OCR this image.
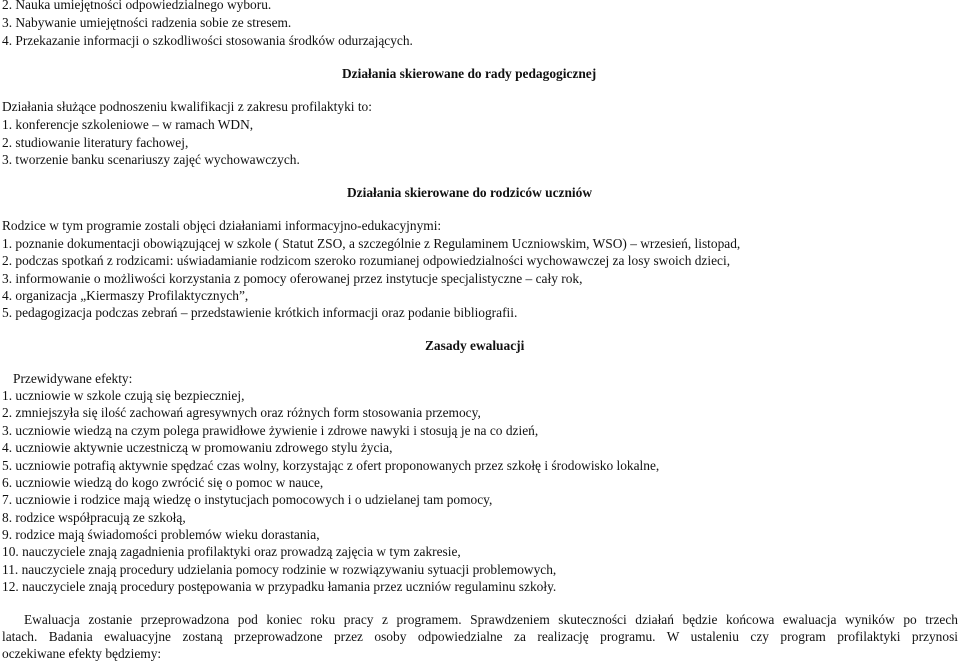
2. Nauka umiejętności odpowiedzialnego wyboru.
3. Nabywanie umiejętności radzenia sobie ze stresem.
4. Przekazanie informacji o szkodliwości stosowania środków odurzających.
Działania skierowane do rady pedagogicznej
Działania służące podnoszeniu kwalifikacji z zakresu profilaktyki to:
1. konferencje szkoleniowe – w ramach WDN,
2. studiowanie literatury fachowej,
3. tworzenie banku scenariuszy zajęć wychowawczych.
Działania skierowane do rodziców uczniów
Rodzice w tym programie zostali objęci działaniami informacyjno-edukacyjnymi:
1. poznanie dokumentacji obowiązującej w szkole ( Statut ZSO, a szczególnie z Regulaminem Uczniowskim, WSO) – wrzesień, listopad,
2. podczas spotkań z rodzicami: uświadamianie rodzicom szeroko rozumianej odpowiedzialności wychowawczej za losy swoich dzieci,
3. informowanie o możliwości korzystania z pomocy oferowanej przez instytucje specjalistyczne – cały rok,
4. organizacja „Kiermaszy Profilaktycznych”,
5. pedagogizacja podczas zebrań – przedstawienie krótkich informacji oraz podanie bibliografii.
Zasady ewaluacji
Przewidywane efekty:
1. uczniowie w szkole czują się bezpieczniej,
2. zmniejszyła się ilość zachowań agresywnych oraz różnych form stosowania przemocy,
3. uczniowie wiedzą na czym polega prawidłowe żywienie i zdrowe nawyki i stosują je na co dzień,
4. uczniowie aktywnie uczestniczą w promowaniu zdrowego stylu życia,
5. uczniowie potrafią aktywnie spędzać czas wolny, korzystając z ofert proponowanych przez szkołę i środowisko lokalne,
6. uczniowie wiedzą do kogo zwrócić się o pomoc w nauce,
7. uczniowie i rodzice mają wiedzę o instytucjach pomocowych i o udzielanej tam pomocy,
8. rodzice współpracują ze szkołą,
9. rodzice mają świadomości problemów wieku dorastania,
10. nauczyciele znają zagadnienia profilaktyki oraz prowadzą zajęcia w tym zakresie,
11. nauczyciele znają procedury udzielania pomocy rodzinie w rozwiązywaniu sytuacji problemowych,
12. nauczyciele znają procedury postępowania w przypadku łamania przez uczniów regulaminu szkoły.
Ewaluacja zostanie przeprowadzona pod koniec roku pracy z programem. Sprawdzeniem skuteczności działań będzie końcowa ewaluacja wyników po trzech
latach. Badania ewaluacyjne zostaną przeprowadzone przez osoby odpowiedzialne za realizację programu. W ustaleniu czy program profilaktyki przynosi
oczekiwane efekty będziemy:
